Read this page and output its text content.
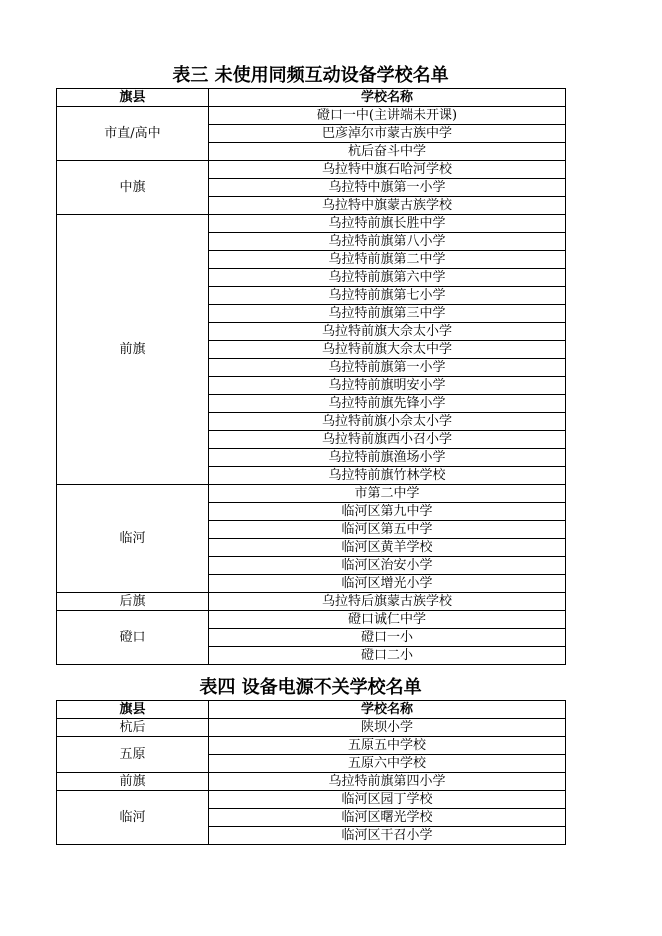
表三 未使用同频互动设备学校名单
旗县	学校名称
市直/高中	磴口一中(主讲端未开课)
	巴彦淖尔市蒙古族中学
	杭后奋斗中学
中旗	乌拉特中旗石哈河学校
	乌拉特中旗第一小学
	乌拉特中旗蒙古族学校
前旗	乌拉特前旗长胜中学
	乌拉特前旗第八小学
	乌拉特前旗第二中学
	乌拉特前旗第六中学
	乌拉特前旗第七小学
	乌拉特前旗第三中学
	乌拉特前旗大佘太小学
	乌拉特前旗大佘太中学
	乌拉特前旗第一小学
	乌拉特前旗明安小学
	乌拉特前旗先锋小学
	乌拉特前旗小佘太小学
	乌拉特前旗西小召小学
	乌拉特前旗渔场小学
	乌拉特前旗竹林学校
临河	市第二中学
	临河区第九中学
	临河区第五中学
	临河区黄羊学校
	临河区治安小学
	临河区增光小学
后旗	乌拉特后旗蒙古族学校
磴口	磴口诚仁中学
	磴口一小
	磴口二小
表四 设备电源不关学校名单
旗县	学校名称
杭后	陕坝小学
五原	五原五中学校
	五原六中学校
前旗	乌拉特前旗第四小学
临河	临河区园丁学校
	临河区曙光学校
	临河区干召小学
